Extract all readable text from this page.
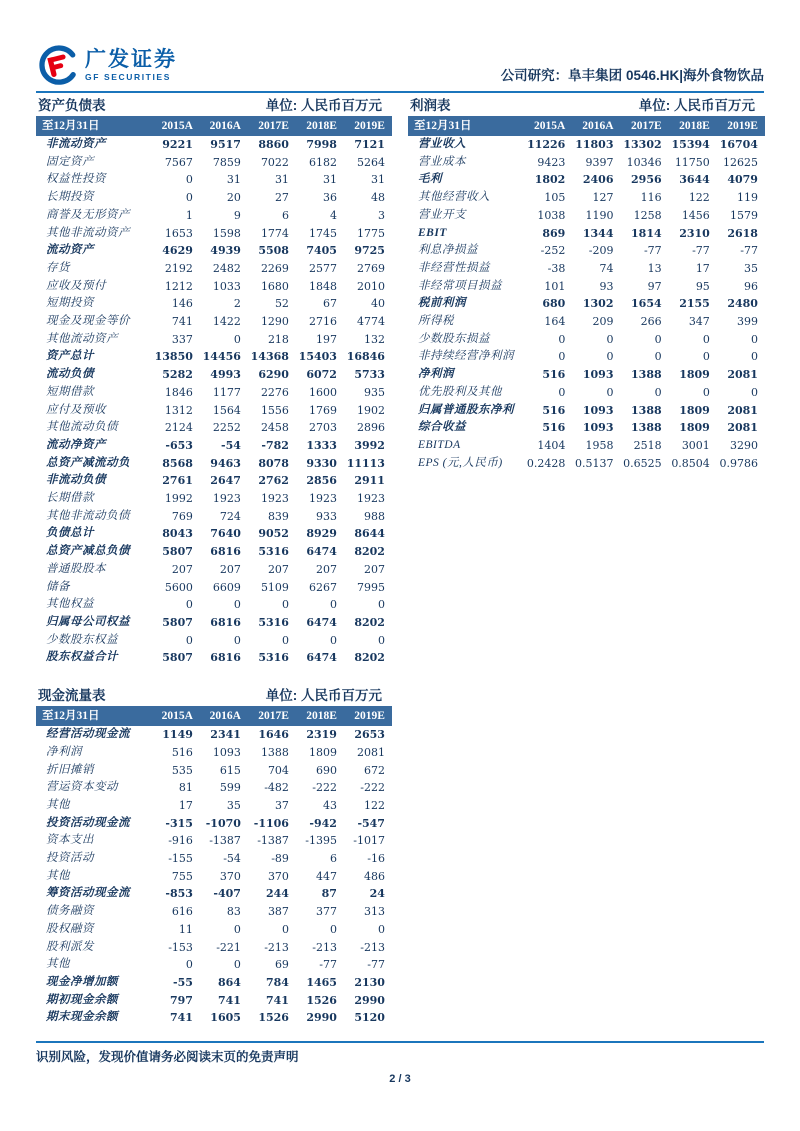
广发证券
GF SECURITIES	公司研究：阜丰集团 0546.HK|海外食物饮品
资产负债表	单位: 人民币百万元
至12月31日	2015A	2016A	2017E	2018E	2019E
非流动资产	9221	9517	8860	7998	7121
固定资产	7567	7859	7022	6182	5264
权益性投资	0	31	31	31	31
长期投资	0	20	27	36	48
商誉及无形资产	1	9	6	4	3
其他非流动资产	1653	1598	1774	1745	1775
流动资产	4629	4939	5508	7405	9725
存货	2192	2482	2269	2577	2769
应收及预付	1212	1033	1680	1848	2010
短期投资	146	2	52	67	40
现金及现金等价	741	1422	1290	2716	4774
其他流动资产	337	0	218	197	132
资产总计	13850 14456 14368 15403 16846
流动负债	5282	4993	6290	6072	5733
短期借款	1846	1177	2276	1600	935
应付及预收	1312	1564	1556	1769	1902
其他流动负债	2124	2252	2458	2703	2896
流动净资产	-653	-54	-782	1333	3992
总资产减流动负	8568	9463	8078	9330 11113
非流动负债	2761	2647	2762	2856	2911
长期借款	1992	1923	1923	1923	1923
其他非流动负债	769	724	839	933	988
负债总计	8043	7640	9052	8929	8644
总资产减总负债	5807	6816	5316	6474	8202
普通股股本	207	207	207	207	207
储备	5600	6609	5109	6267	7995
其他权益	0	0	0	0	0
归属母公司权益	5807	6816	5316	6474	8202
少数股东权益	0	0	0	0	0
股东权益合计	5807	6816	5316	6474	8202
现金流量表	单位: 人民币百万元
至12月31日	2015A	2016A	2017E	2018E	2019E
经营活动现金流	1149	2341	1646	2319	2653
净利润	516	1093	1388	1809	2081
折旧摊销	535	615	704	690	672
营运资本变动	81	599	-482	-222	-222
其他	17	35	37	43	122
投资活动现金流	-315	-1070	-1106	-942	-547
资本支出	-916	-1387	-1387	-1395	-1017
投资活动	-155	-54	-89	6	-16
其他	755	370	370	447	486
筹资活动现金流	-853	-407	244	87	24
债务融资	616	83	387	377	313
股权融资	11	0	0	0	0
股利派发	-153	-221	-213	-213	-213
其他	0	0	69	-77	-77
现金净增加额	-55	864	784	1465	2130
期初现金余额	797	741	741	1526	2990
期末现金余额	741	1605	1526	2990	5120
利润表	单位: 人民币百万元
至12月31日	2015A	2016A	2017E	2018E	2019E
营业收入	11226 11803 13302 15394 16704
营业成本	9423	9397	10346	11750	12625
毛利	1802	2406	2956	3644	4079
其他经营收入	105	127	116	122	119
营业开支	1038	1190	1258	1456	1579
EBIT	869	1344	1814	2310	2618
利息净损益	-252	-209	-77	-77	-77
非经营性损益	-38	74	13	17	35
非经常项目损益	101	93	97	95	96
税前利润	680	1302	1654	2155	2480
所得税	164	209	266	347	399
少数股东损益	0	0	0	0	0
非持续经营净利润	0	0	0	0	0
净利润	516	1093	1388	1809	2081
优先股利及其他	0	0	0	0	0
归属普通股东净利	516	1093	1388	1809	2081
综合收益	516	1093	1388	1809	2081
EBITDA	1404	1958	2518	3001	3290
EPS (元,人民币)	0.2428 0.5137 0.6525 0.8504 0.9786
识别风险，发现价值请务必阅读末页的免责声明
2 / 3
